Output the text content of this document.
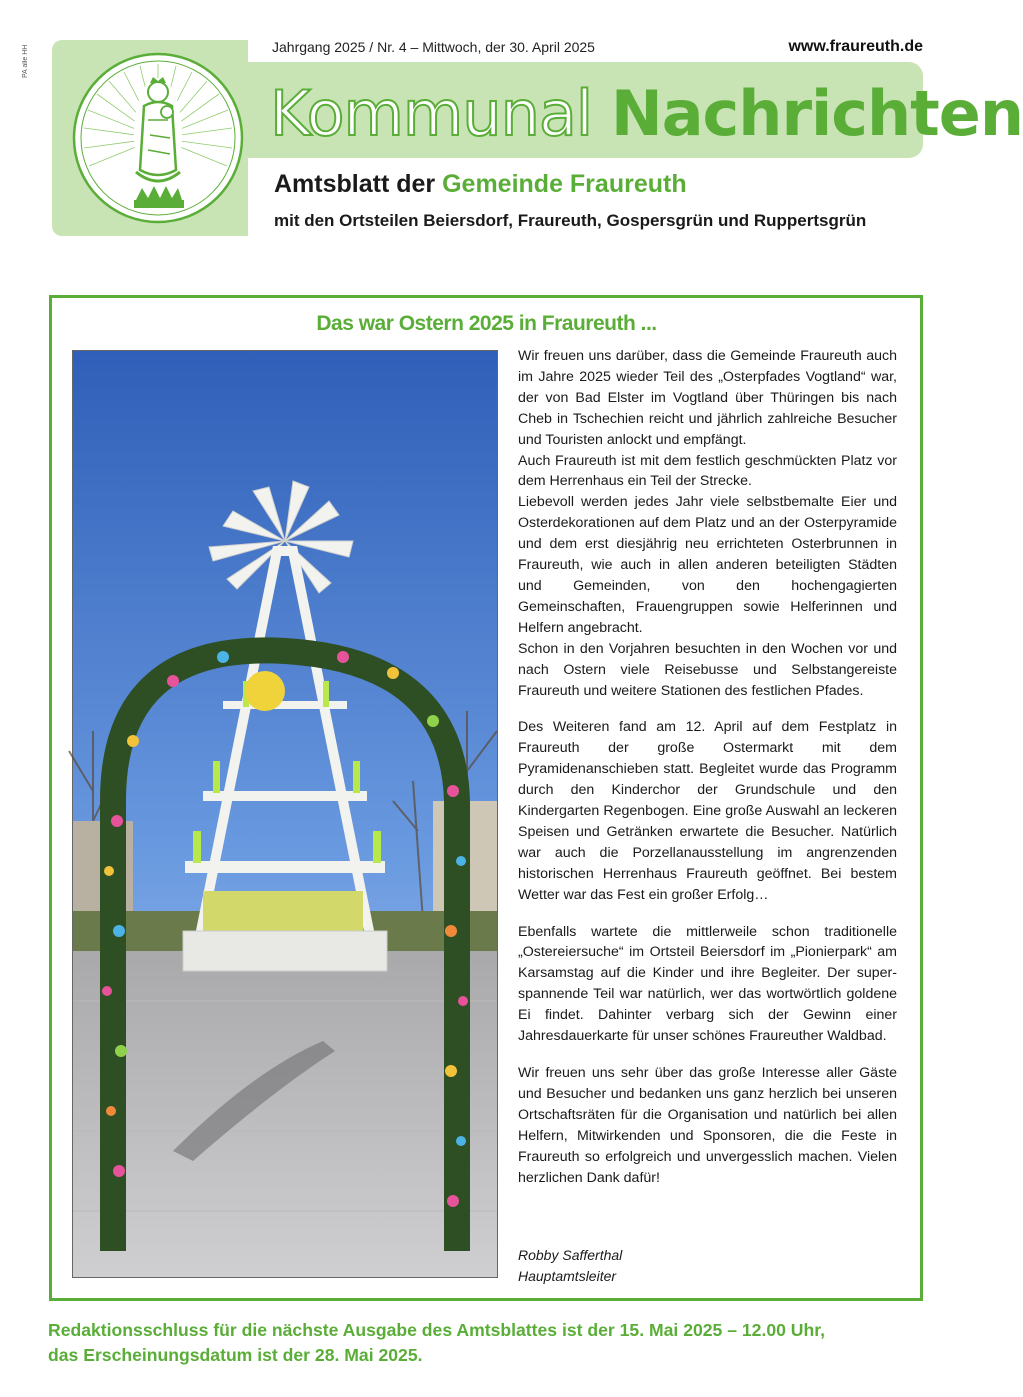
PA alle HH	Jahrgang 2025 / Nr. 4 – Mittwoch, der 30. April 2025	www.fraureuth.de
Kommunal Nachrichten
Amtsblatt der Gemeinde Fraureuth
mit den Ortsteilen Beiersdorf, Fraureuth, Gospersgrün und Ruppertsgrün
Das war Ostern 2025 in Fraureuth ...

Wir freuen uns darüber, dass die Gemeinde Fraureuth auch im Jahre 2025 wieder Teil des „Osterpfades Vogtland“ war, der von Bad Elster im Vogtland über Thüringen bis nach Cheb in Tschechien reicht und jährlich zahlreiche Besucher und Touristen anlockt und empfängt.

Auch Fraureuth ist mit dem festlich geschmückten Platz vor dem Herrenhaus ein Teil der Strecke.

Liebevoll werden jedes Jahr viele selbstbemalte Eier und Osterdekorationen auf dem Platz und an der Osterpyramide und dem erst diesjährig neu errichteten Osterbrunnen in Fraureuth, wie auch in allen anderen beteiligten Städten und Gemeinden, von den hochengagierten Gemeinschaften, Frauengruppen sowie Helferinnen und Helfern angebracht.

Schon in den Vorjahren besuchten in den Wochen vor und nach Ostern viele Reisebusse und Selbstangereiste Fraureuth und weitere Stationen des festlichen Pfades.

Des Weiteren fand am 12. April auf dem Festplatz in Fraureuth der große Ostermarkt mit dem Pyramidenanschieben statt. Begleitet wurde das Programm durch den Kinderchor der Grundschule und den Kindergarten Regenbogen. Eine große Auswahl an leckeren Speisen und Getränken erwartete die Besucher. Natürlich war auch die Porzellanausstellung im angrenzenden historischen Herrenhaus Fraureuth geöffnet. Bei bestem Wetter war das Fest ein großer Erfolg…

Ebenfalls wartete die mittlerweile schon traditionelle „Ostereiersuche“ im Ortsteil Beiersdorf im „Pionierpark“ am Karsamstag auf die Kinder und ihre Begleiter. Der super-spannende Teil war natürlich, wer das wortwörtlich goldene Ei findet. Dahinter verbarg sich der Gewinn einer Jahresdauerkarte für unser schönes Fraureuther Waldbad.

Wir freuen uns sehr über das große Interesse aller Gäste und Besucher und bedanken uns ganz herzlich bei unseren Ortschaftsräten für die Organisation und natürlich bei allen Helfern, Mitwirkenden und Sponsoren, die die Feste in Fraureuth so erfolgreich und unvergesslich machen. Vielen herzlichen Dank dafür!

Robby Safferthal
Hauptamtsleiter
Redaktionsschluss für die nächste Ausgabe des Amtsblattes ist der 15. Mai 2025 – 12.00 Uhr,
das Erscheinungsdatum ist der 28. Mai 2025.
